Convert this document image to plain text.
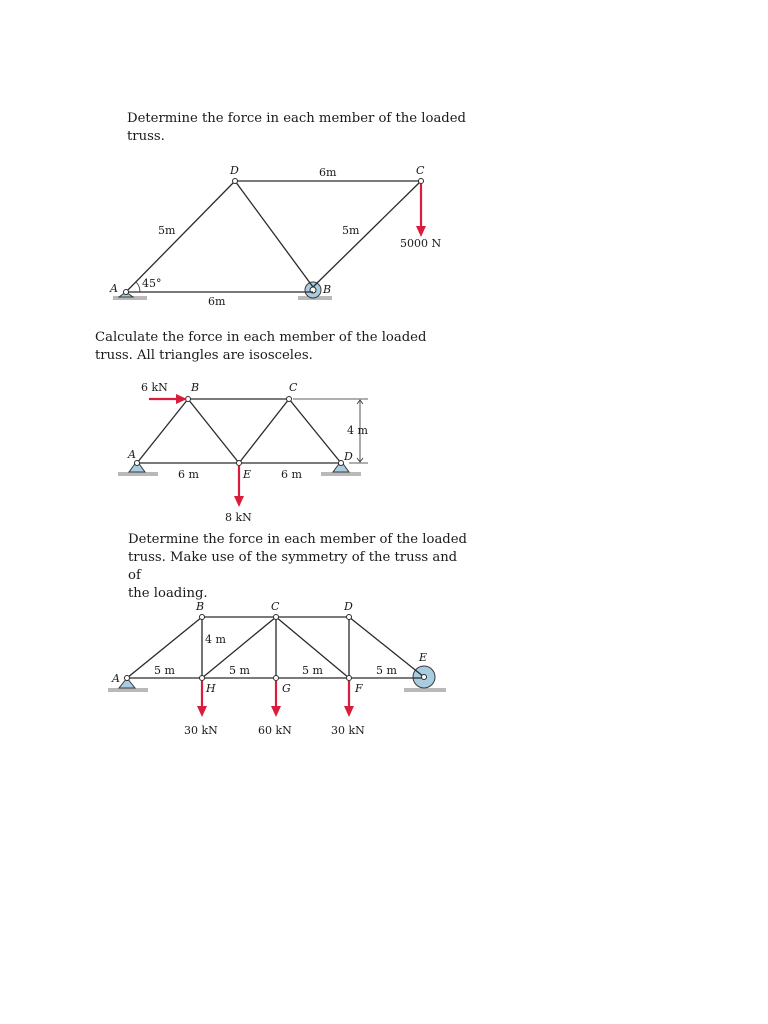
Determine the force in each member of the loaded
truss.

A	B
C
D	6m
5m	5m
6m
45°
5000 N

Calculate the force in each member of the loaded
truss. All triangles are isosceles.

A
B	C
D
E
6 m	6 m
4 m
6 kN
8 kN

Determine the force in each member of the loaded
truss. Make use of the symmetry of the truss and of
the loading.

A
B	C	D
E
F
G
H
4 m
5 m	5 m	5 m	5 m
30 kN	60 kN	30 kN
